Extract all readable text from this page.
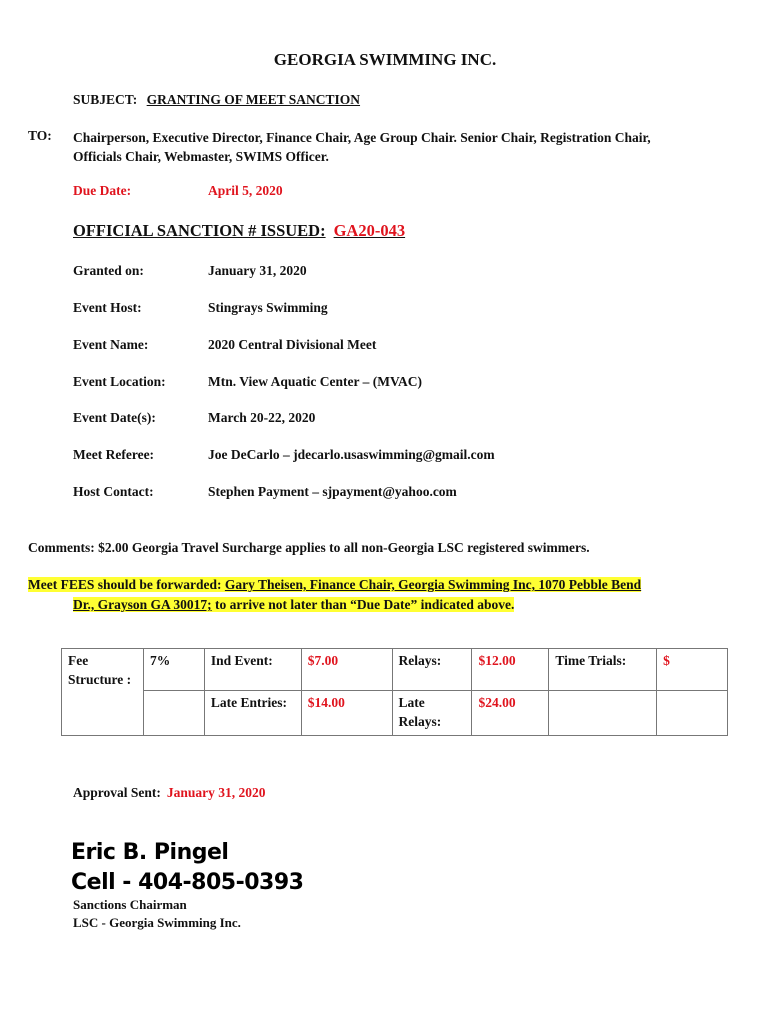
GEORGIA SWIMMING INC.
SUBJECT: GRANTING OF MEET SANCTION
TO: Chairperson, Executive Director, Finance Chair, Age Group Chair. Senior Chair, Registration Chair,
Officials Chair, Webmaster, SWIMS Officer.
Due Date:	April 5, 2020
OFFICIAL SANCTION # ISSUED: GA20-043
Granted on:	January 31, 2020
Event Host:	Stingrays Swimming
Event Name:	2020 Central Divisional Meet
Event Location:	Mtn. View Aquatic Center – (MVAC)
Event Date(s):	March 20-22, 2020
Meet Referee:	Joe DeCarlo – jdecarlo.usaswimming@gmail.com
Host Contact:	Stephen Payment – sjpayment@yahoo.com
Comments: $2.00 Georgia Travel Surcharge applies to all non-Georgia LSC registered swimmers.
Meet FEES should be forwarded: Gary Theisen, Finance Chair, Georgia Swimming Inc, 1070 Pebble Bend
Dr., Grayson GA 30017; to arrive not later than “Due Date” indicated above.
Fee Structure :	7%	Ind Event:	$7.00	Relays:	$12.00	Time Trials:	$
		Late Entries:	$14.00	Late Relays:	$24.00		
Approval Sent: January 31, 2020
Eric B. Pingel
Cell - 404-805-0393
Sanctions Chairman
LSC - Georgia Swimming Inc.
